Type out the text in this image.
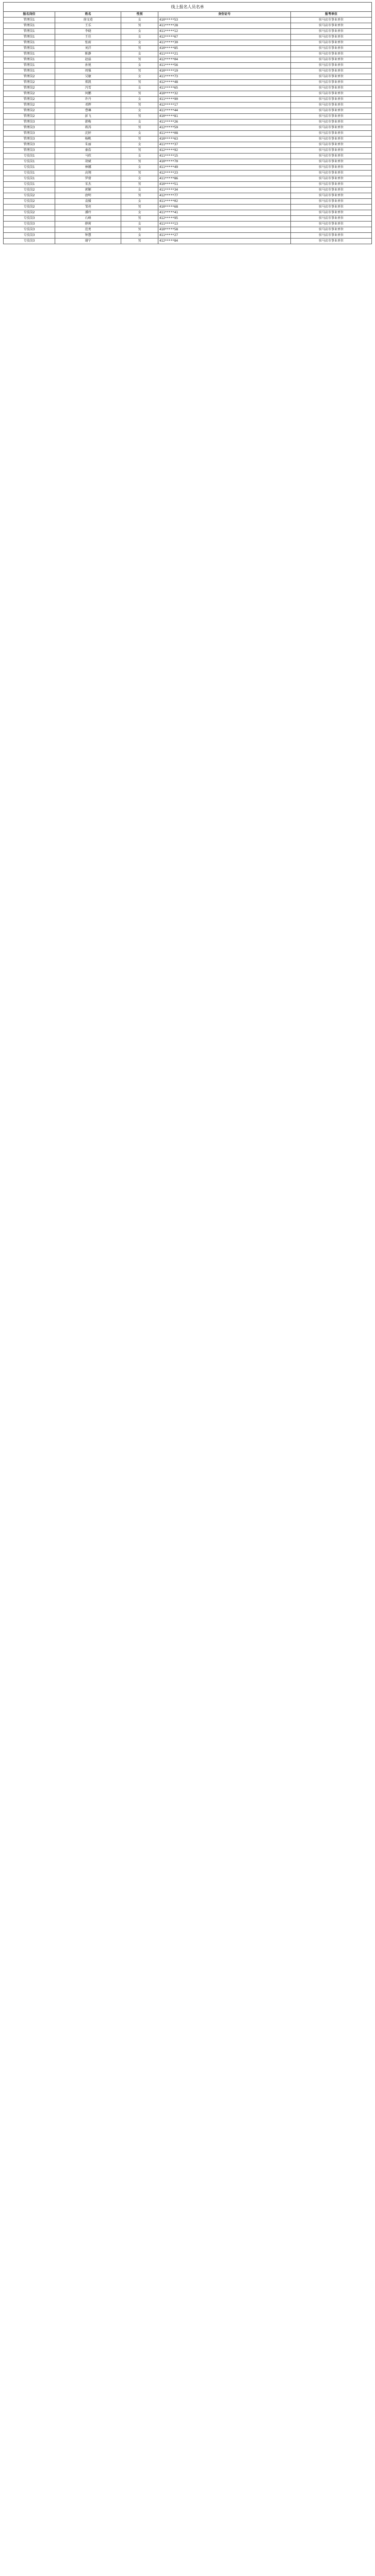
线上报名人员名单
报名岗位	姓名	性别	身份证号	报考单位
管理岗1	徐文靖	女	410*****53	驻马店市事业单位
管理岗1	王乐	男	411*****28	驻马店市事业单位
管理岗1	李晓	女	411*****12	驻马店市事业单位
管理岗1	王佳	女	412*****67	驻马店市事业单位
管理岗1	张雨	女	411*****30	驻马店市事业单位
管理岗1	刘洋	男	410*****85	驻马店市事业单位
管理岗1	陈静	女	411*****21	驻马店市事业单位
管理岗1	赵磊	男	412*****04	驻马店市事业单位
管理岗1	孙悦	女	411*****56	驻马店市事业单位
管理岗1	周强	男	410*****19	驻马店市事业单位
管理岗2	吴敏	女	411*****73	驻马店市事业单位
管理岗2	郑凯	男	412*****48	驻马店市事业单位
管理岗2	冯雪	女	411*****65	驻马店市事业单位
管理岗2	何鹏	男	410*****32	驻马店市事业单位
管理岗2	许丹	女	411*****90	驻马店市事业单位
管理岗2	邓辉	男	412*****17	驻马店市事业单位
管理岗2	曹琳	女	411*****44	驻马店市事业单位
管理岗2	彭飞	男	410*****81	驻马店市事业单位
管理岗3	韩梅	女	411*****26	驻马店市事业单位
管理岗3	蒋涛	男	412*****59	驻马店市事业单位
管理岗3	沈婷	女	411*****08	驻马店市事业单位
管理岗3	杨帆	男	410*****63	驻马店市事业单位
管理岗3	朱丽	女	411*****37	驻马店市事业单位
管理岗3	秦浩	男	412*****92	驻马店市事业单位
专技岗1	马欣	女	411*****15	驻马店市事业单位
专技岗1	胡斌	男	410*****70	驻马店市事业单位
专技岗1	林娜	女	411*****49	驻马店市事业单位
专技岗1	高翔	男	412*****23	驻马店市事业单位
专技岗1	罗倩	女	411*****86	驻马店市事业单位
专技岗1	宋杰	男	410*****51	驻马店市事业单位
专技岗2	郭颖	女	411*****34	驻马店市事业单位
专技岗2	唐明	男	412*****77	驻马店市事业单位
专技岗2	袁媛	女	411*****02	驻马店市事业单位
专技岗2	邹亮	男	410*****68	驻马店市事业单位
专技岗2	潘玲	女	411*****41	驻马店市事业单位
专技岗3	石峰	男	412*****95	驻马店市事业单位
专技岗3	薛莉	女	411*****13	驻马店市事业单位
专技岗3	范勇	男	410*****58	驻马店市事业单位
专技岗3	钟慧	女	411*****27	驻马店市事业单位
专技岗3	谢宁	男	412*****84	驻马店市事业单位
